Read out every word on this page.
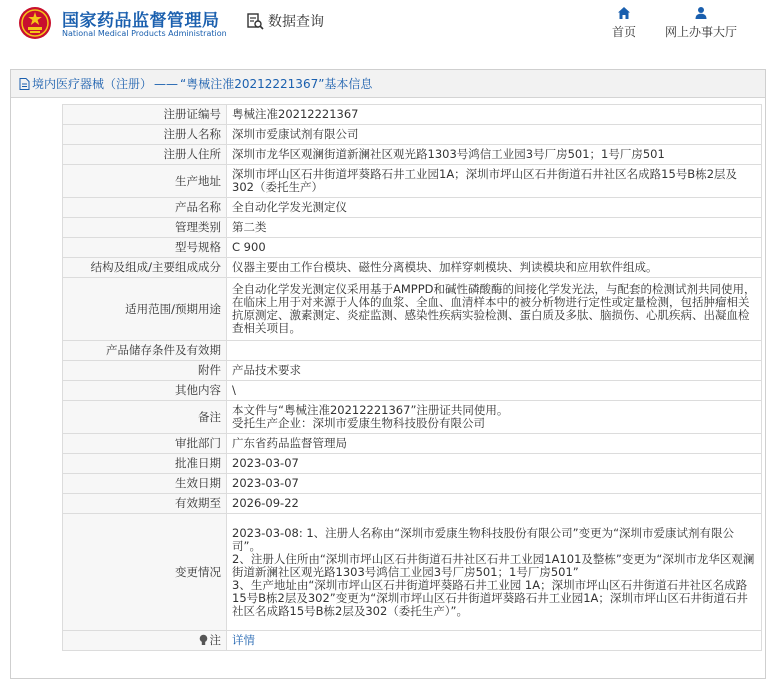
国家药品监督管理局
National Medical Products Administration
数据查询
首页	网上办事大厅
境内医疗器械（注册） —— “粤械注准20212221367”基本信息
注册证编号	粤械注准20212221367
注册人名称	深圳市爱康试剂有限公司
注册人住所	深圳市龙华区观澜街道新澜社区观光路1303号鸿信工业园3号厂房501；1号厂房501
生产地址	深圳市坪山区石井街道坪葵路石井工业园1A；深圳市坪山区石井街道石井社区名成路15号B栋2层及302（委托生产）
产品名称	全自动化学发光测定仪
管理类别	第二类
型号规格	C 900
结构及组成/主要组成成分	仪器主要由工作台模块、磁性分离模块、加样穿刺模块、判读模块和应用软件组成。
适用范围/预期用途	全自动化学发光测定仪采用基于AMPPD和碱性磷酸酶的间接化学发光法，与配套的检测试剂共同使用，在临床上用于对来源于人体的血浆、全血、血清样本中的被分析物进行定性或定量检测，包括肿瘤相关抗原测定、激素测定、炎症监测、感染性疾病实验检测、蛋白质及多肽、脑损伤、心肌疾病、出凝血检查相关项目。
产品储存条件及有效期	
附件	产品技术要求
其他内容	\
备注	本文件与“粤械注准20212221367”注册证共同使用。
受托生产企业：深圳市爱康生物科技股份有限公司

审批部门	广东省药品监督管理局
批准日期	2023-03-07
生效日期	2023-03-07
有效期至	2026-09-22
变更情况	2023-03-08: 1、注册人名称由“深圳市爱康生物科技股份有限公司”变更为“深圳市爱康试剂有限公司”。
2、注册人住所由“深圳市坪山区石井街道石井社区石井工业园1A101及整栋”变更为“深圳市龙华区观澜街道新澜社区观光路1303号鸿信工业园3号厂房501；1号厂房501”
3、生产地址由“深圳市坪山区石井街道坪葵路石井工业园 1A；深圳市坪山区石井街道石井社区名成路15号B栋2层及302”变更为“深圳市坪山区石井街道坪葵路石井工业园1A；深圳市坪山区石井街道石井社区名成路15号B栋2层及302（委托生产）”。

注	详情
